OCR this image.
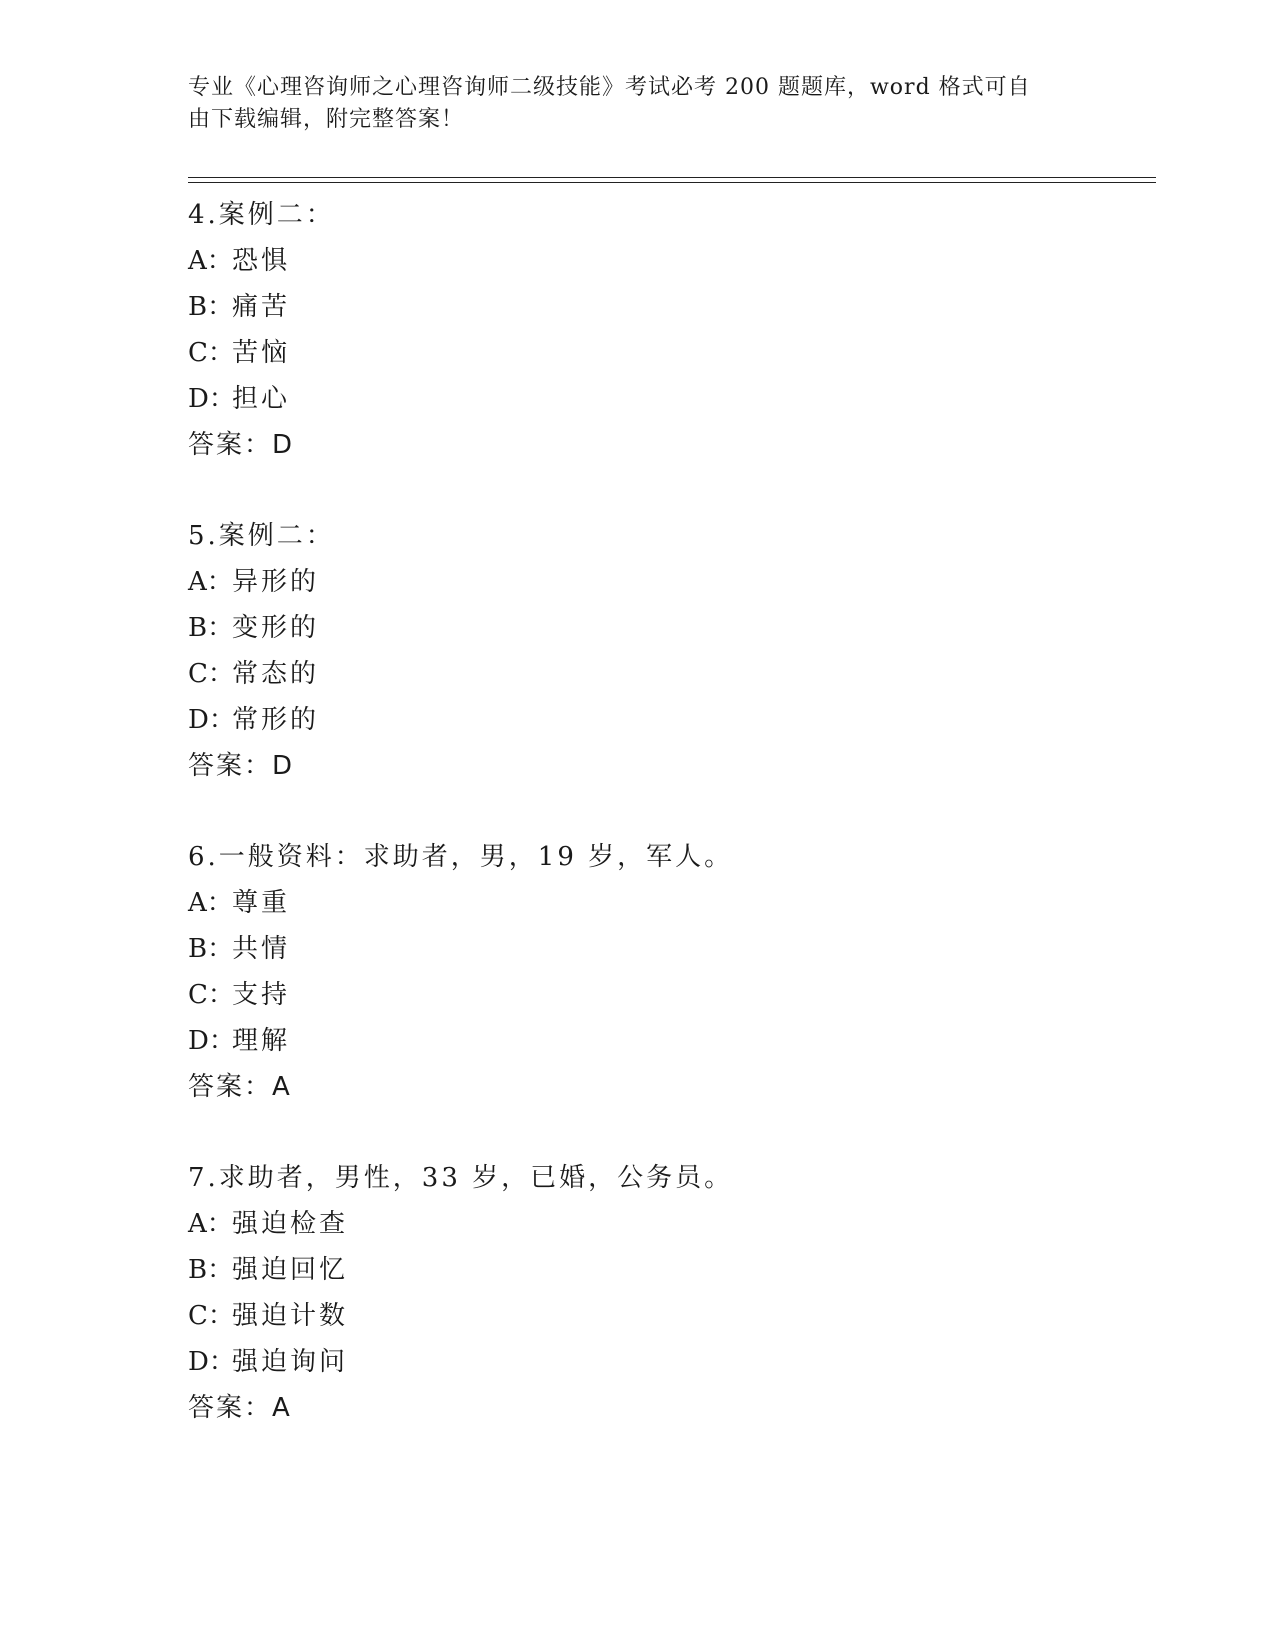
专业《心理咨询师之心理咨询师二级技能》考试必考 200 题题库，word 格式可自
由下载编辑，附完整答案！
4.案例二：
A：恐惧
B：痛苦
C：苦恼
D：担心
答案：D
5.案例二：
A：异形的
B：变形的
C：常态的
D：常形的
答案：D
6.一般资料：求助者，男，19 岁，军人。
A：尊重
B：共情
C：支持
D：理解
答案：A
7.求助者，男性，33 岁，已婚，公务员。
A：强迫检查
B：强迫回忆
C：强迫计数
D：强迫询问
答案：A
